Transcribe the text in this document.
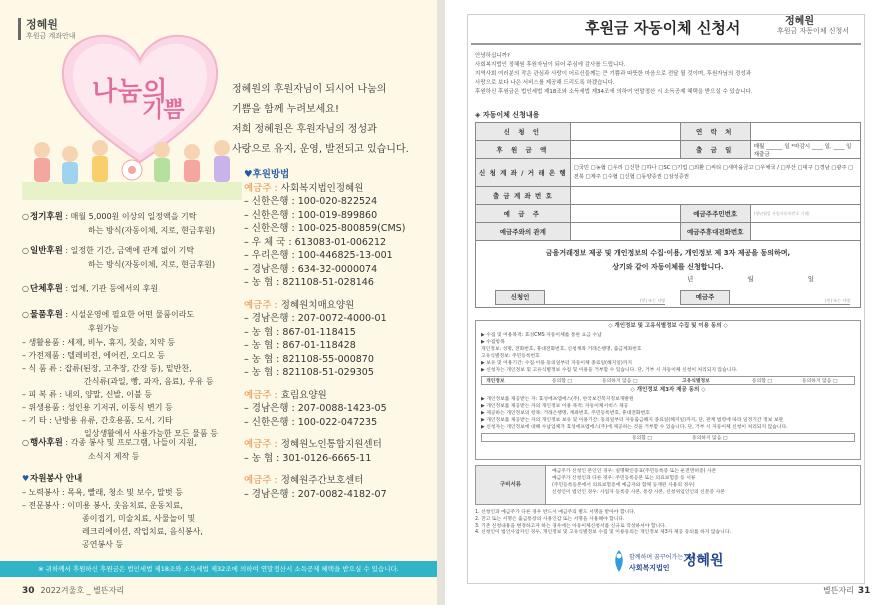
정혜원
후원금 계좌안내
나눔의
기쁨
정혜원의 후원자님이 되시어 나눔의
기쁨을 함께 누려보세요!
저희 정혜원은 후원자님의 정성과
사랑으로 유지, 운영, 발전되고 있습니다.
○정기후원 : 매월 5,000원 이상의 일정액을 기탁
하는 방식(자동이체, 지로, 현금후원)
○일반후원 : 일정한 기간, 금액에 관계 없이 기탁
하는 방식(자동이체, 지로, 현금후원)
○단체후원 : 업체, 기관 등에서의 후원
○물품후원 : 시설운영에 필요한 어떤 물품이라도
후원가능
– 생활용품 : 세제, 비누, 휴지, 칫솔, 치약 등
– 가전제품 : 텔레비전, 에어컨, 오디오 등
– 식 품 류 : 잡류(된장, 고추장, 간장 등), 밑반찬,
간식류(과일, 빵, 과자, 음료), 우유 등
– 피 복 류 : 내의, 양말, 신발, 이불 등
– 위생용품 : 성인용 기저귀, 이동식 변기 등
– 기 타 : 난방용 유류, 간호용품, 도서, 기타
일상생활에서 사용가능한 모든 물품 등
○행사후원 : 각종 봉사 및 프로그램, 나들이 지원,
소식지 제작 등
♥자원봉사 안내
– 노력봉사 : 목욕, 빨래, 청소 및 보수, 말벗 등
– 전문봉사 : 이미용 봉사, 웃음치료, 운동치료,
종이접기, 미술치료, 사물놀이 및
레크리에이션, 작업치료, 음식봉사,
공연봉사 등
♥후원방법
예금주 : 사회복지법인정혜원
– 신한은행 : 100-020-822524
– 신한은행 : 100-019-899860
– 신한은행 : 100-025-800859(CMS)
– 우 체 국 : 613083-01-006212
– 우리은행 : 100-446825-13-001
– 경남은행 : 634-32-0000074
– 농 협 : 821108-51-028146
예금주 : 정혜원치매요양원
– 경남은행 : 207-0072-4000-01
– 농 협 : 867-01-118415
– 농 협 : 867-01-118428
– 농 협 : 821108-55-000870
– 농 협 : 821108-51-029305
예금주 : 효림요양원
– 경남은행 : 207-0088-1423-05
– 신한은행 : 100-022-047235
예금주 : 정혜원노인통합지원센터
– 농 협 : 301-0126-6665-11
예금주 : 정혜원주간보호센터
– 경남은행 : 207-0082-4182-07
※ 귀하께서 후원하신 후원금은 법인세법 제18조와 소득세법 제32조에 의하여 연말정산시 소득공제 혜택을 받으실 수 있습니다.
30 2022겨울호 _ 별뜬자리
후원금 자동이체 신청서	정혜원
후원금 자동이체 신청서
안녕하십니까?
사회복지법인 정혜원 후원자님이 되어 주심에 감사를 드립니다.
지역사회 여러분의 작은 관심과 사랑이 어르신들께는 큰 기쁨과 따뜻한 마음으로 전달 될 것이며, 후원자님의 정성과
사랑으로 보다 나은 서비스를 제공해 드리도록 하겠습니다.
후원하신 후원금은 법인세법 제18조와 소득세법 제34조에 의하여 연말정산 시 소득공제 혜택을 받으실 수 있습니다.
◈ 자동이체 신청내용
신 청 인		연 락 처	
후 원 금 액		출 금 일	매월 ______ 일 *마감시 ____ 일, ____ 일 재출금
신 청 계 좌 / 거 래 은 행	□국민 □농협 □우리 □신한 □하나 □SC □기업 □외환 □씨티 □새마을금고 □우체국 / □부산 □대구 □경남 □광주 □전북 □제주 □수협 □신협 □동양증권 □삼성증권		
출 금 계 좌 번 호			
예 금 주		예금주주민번호	(생년월일 사업자등록번호 기재)
예금주와의 관계		예금주휴대전화번호	

금융거래정보 제공 및 개인정보의 수집·이용, 개인정보 제 3자 제공을 동의하며,

상기와 같이 자동이체를 신청합니다.

년 월 일
신청인	(인) 또는 서명	예금주	(인) 또는 서명
◇ 개인정보 및 고유식별정보 수집 및 이용 동의 ◇
▶ 수집 및 이용목적: 효성CMS 자동이체를 통한 요금 수납
▶ 수집항목
개인정보: 성명, 전화번호, 휴대전화번호, 신청계좌 거래은행명, 출금계좌번호
고유식별정보: 주민등록번호
▶ 보유 및 이용기간: 수집·이용 동의일부터 자동이체 종료일(해지일)까지
▶ 신청자는 개인정보 및 고유식별정보 수집 및 이용을 거부할 수 있습니다. 단, 거부 시 자동이체 신청이 처리되지 않습니다.
개인정보	동의함 □	동의하지 않음 □	고유식별정보	동의함 □	동의하지 않음 □
◇ 개인정보 제3자 제공 동의 ◇
▶ 개인정보를 제공받는 자: 효성에프엠에스(주), 한국보건복지정보개발원
▶ 개인정보를 제공받는 자의 개인정보 이용 목적: 자동이체서비스 제공
▶ 제공하는 개인정보의 항목: 거래은행명, 계좌번호, 주민등록번호, 휴대전화번호
▶ 개인정보를 제공받는 자의 개인정보 보유 및 이용기간: 동의일부터 자동출금해지 종료일(해지일)까지, 단, 관계 법령에 따라 일정기간 정보 보관
▶ 신청자는 개인정보에 대해 수납업체가 효성에프엠에스(주)에 제공하는 것을 거부할 수 있습니다. 단, 거부 시 자동이체 신청이 처리되지 않습니다.
동의함 □	동의하지 않음 □
구비서류
예금주가 신청인 본인인 경우: 실명확인증표(주민등록증 또는 운전면허증) 사본
예금주가 신청인과 다른 경우: 주민등록등본 또는 의료보험증 등 서류
(주민등록등본에서 의료보험증에 예금자와 함께 등재된 사용의 경우)
신청인이 법인인 경우: 사업자 등록증 사본, 통장 사본, 신청위임인인의 신분증 사본
1. 신청인과 예금주가 다른 경우 반드시 예금주의 별도 서명을 받아야 합니다.
2. 잔고 또는 서명은 출금통장의 사용인감 또는 서명을 사용해야 합니다.
3. 기존 신청내용을 변경하고자 하는 경우에는 아동이체신청서를 신규로 작성하셔야 합니다.
4. 신청인이 법인사업자인 경우, 개인정보 및 고유식별정보 수집 및 이용동의는 개인정보 제3자 제공 동의를 하지 않습니다.
함께하며 꿈꾸어가는 어르신
사회복지법인 정혜원
별뜬자리 31
